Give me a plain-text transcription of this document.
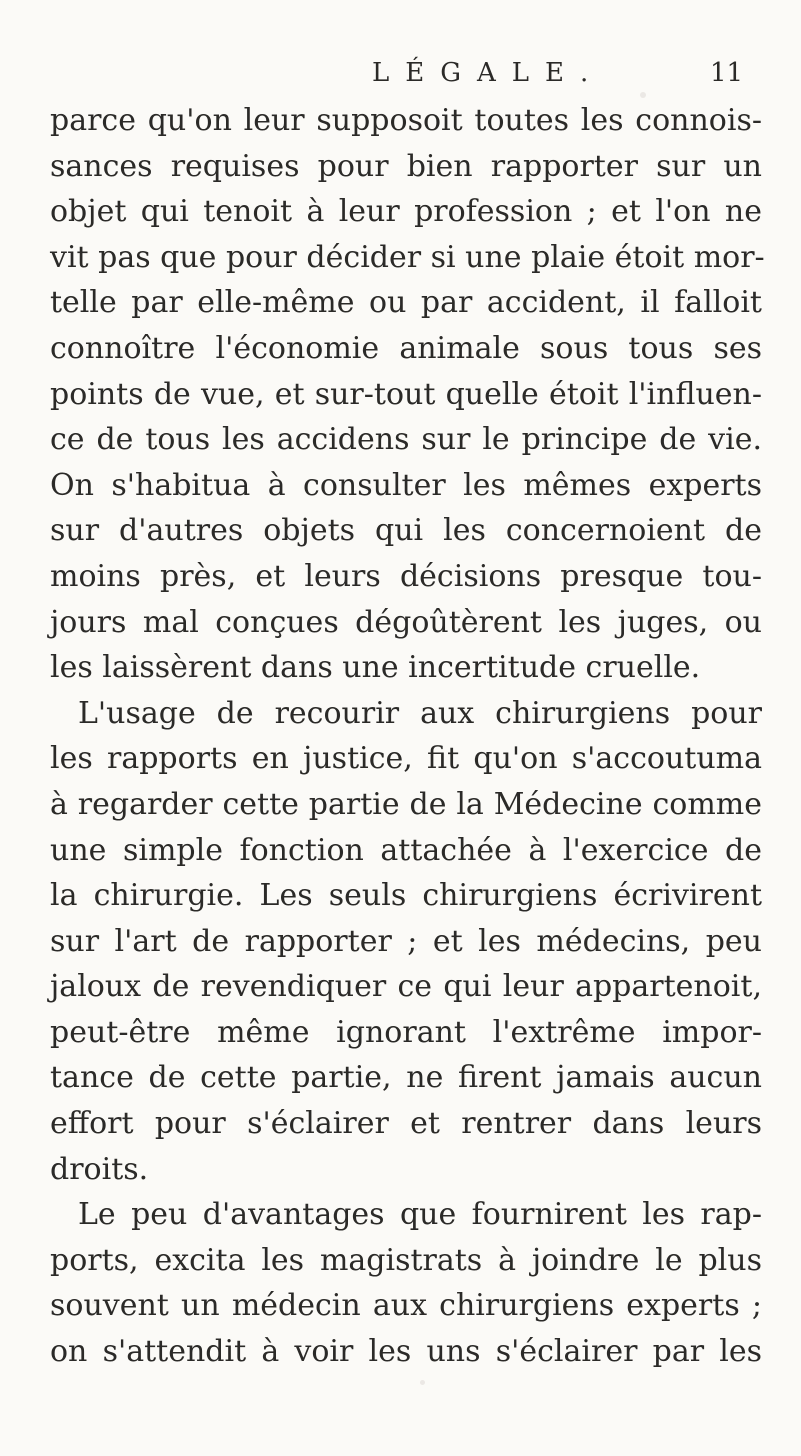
LÉGALE.	11
parce qu'on leur supposoit toutes les connois-
sances requises pour bien rapporter sur un
objet qui tenoit à leur profession ; et l'on ne
vit pas que pour décider si une plaie étoit mor-
telle par elle-même ou par accident, il falloit
connoître l'économie animale sous tous ses
points de vue, et sur-tout quelle étoit l'influen-
ce de tous les accidens sur le principe de vie.
On s'habitua à consulter les mêmes experts
sur d'autres objets qui les concernoient de
moins près, et leurs décisions presque tou-
jours mal conçues dégoûtèrent les juges, ou
les laissèrent dans une incertitude cruelle.
L'usage de recourir aux chirurgiens pour
les rapports en justice, fit qu'on s'accoutuma
à regarder cette partie de la Médecine comme
une simple fonction attachée à l'exercice de
la chirurgie. Les seuls chirurgiens écrivirent
sur l'art de rapporter ; et les médecins, peu
jaloux de revendiquer ce qui leur appartenoit,
peut-être même ignorant l'extrême impor-
tance de cette partie, ne firent jamais aucun
effort pour s'éclairer et rentrer dans leurs
droits.
Le peu d'avantages que fournirent les rap-
ports, excita les magistrats à joindre le plus
souvent un médecin aux chirurgiens experts ;
on s'attendit à voir les uns s'éclairer par les
